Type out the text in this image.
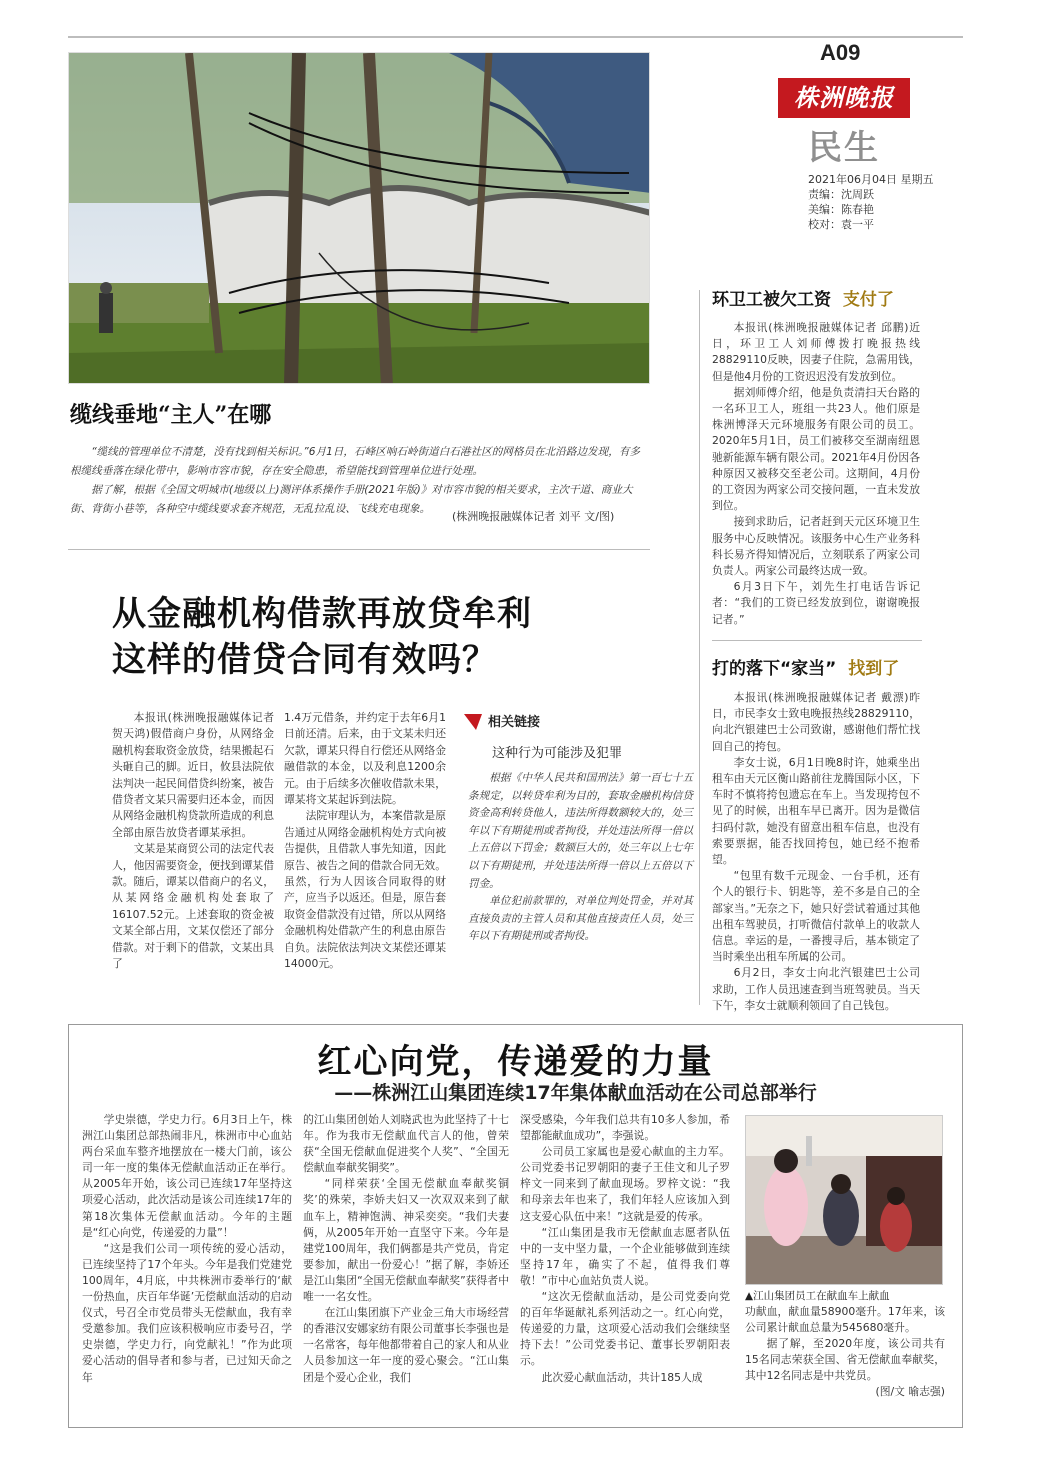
A09
株洲晚报
民生
2021年06月04日 星期五
责编：沈周跃
美编：陈春艳
校对：袁一平
缆线垂地“主人”在哪

“缆线的管理单位不清楚，没有找到相关标识。”6月1日，石峰区响石岭街道白石港社区的网格员在北沿路边发现，有多根缆线垂落在绿化带中，影响市容市貌，存在安全隐患，希望能找到管理单位进行处理。

据了解，根据《全国文明城市(地级以上)测评体系操作手册(2021年版)》对市容市貌的相关要求，主次干道、商业大街、背街小巷等，各种空中缆线要求套齐规范，无乱拉乱设、飞线充电现象。

(株洲晚报融媒体记者 刘平 文/图)
环卫工被欠工资 支付了

本报讯(株洲晚报融媒体记者 邱鹏)近日，环卫工人刘师傅拨打晚报热线28829110反映，因妻子住院，急需用钱，但是他4月份的工资迟迟没有发放到位。

据刘师傅介绍，他是负责清扫天台路的一名环卫工人，班组一共23人。他们原是株洲博泽天元环境服务有限公司的员工。2020年5月1日，员工们被移交至湖南纽恩驰新能源车辆有限公司。2021年4月份因各种原因又被移交至老公司。这期间，4月份的工资因为两家公司交接问题，一直未发放到位。

接到求助后，记者赶到天元区环境卫生服务中心反映情况。该服务中心生产业务科科长易齐得知情况后，立刻联系了两家公司负责人。两家公司最终达成一致。

6月3日下午，刘先生打电话告诉记者：“我们的工资已经发放到位，谢谢晚报记者。”

打的落下“家当” 找到了

本报讯(株洲晚报融媒体记者 戴漂)昨日，市民李女士致电晚报热线28829110，向北汽银建巴士公司致谢，感谢他们帮忙找回自己的挎包。

李女士说，6月1日晚8时许，她乘坐出租车由天元区衡山路前往龙腾国际小区，下车时不慎将挎包遗忘在车上。当发现挎包不见了的时候，出租车早已离开。因为是微信扫码付款，她没有留意出租车信息，也没有索要票据，能否找回挎包，她已经不抱希望。

“包里有数千元现金、一台手机，还有个人的银行卡、钥匙等，差不多是自己的全部家当。”无奈之下，她只好尝试着通过其他出租车驾驶员，打听微信付款单上的收款人信息。幸运的是，一番搜寻后，基本锁定了当时乘坐出租车所属的公司。

6月2日，李女士向北汽银建巴士公司求助，工作人员迅速查到当班驾驶员。当天下午，李女士就顺利领回了自己钱包。

从金融机构借款再放贷牟利
这样的借贷合同有效吗？

本报讯(株洲晚报融媒体记者 贺天鸿)假借商户身份，从网络金融机构套取资金放贷，结果搬起石头砸自己的脚。近日，攸县法院依法判决一起民间借贷纠纷案，被告借贷者文某只需要归还本金，而因从网络金融机构贷款所造成的利息全部由原告放贷者谭某承担。

文某是某商贸公司的法定代表人，他因需要资金，便找到谭某借款。随后，谭某以借商户的名义，从某网络金融机构处套取了16107.52元。上述套取的资金被文某全部占用，文某仅偿还了部分借款。对于剩下的借款，文某出具了

1.4万元借条，并约定于去年6月1日前还清。后来，由于文某未归还欠款，谭某只得自行偿还从网络金融借款的本金，以及利息1200余元。由于后续多次催收借款未果，谭某将文某起诉到法院。

法院审理认为，本案借款是原告通过从网络金融机构处方式向被告提供，且借款人事先知道，因此原告、被告之间的借款合同无效。虽然，行为人因该合同取得的财产，应当予以返还。但是，原告套取资金借款没有过错，所以从网络金融机构处借款产生的利息由原告自负。法院依法判决文某偿还谭某14000元。

相关链接
这种行为可能涉及犯罪

根据《中华人民共和国刑法》第一百七十五条规定，以转贷牟利为目的，套取金融机构信贷资金高利转贷他人，违法所得数额较大的，处三年以下有期徒刑或者拘役，并处违法所得一倍以上五倍以下罚金；数额巨大的，处三年以上七年以下有期徒刑，并处违法所得一倍以上五倍以下罚金。

单位犯前款罪的，对单位判处罚金，并对其直接负责的主管人员和其他直接责任人员，处三年以下有期徒刑或者拘役。

红心向党，传递爱的力量
——株洲江山集团连续17年集体献血活动在公司总部举行

学史崇德，学史力行。6月3日上午，株洲江山集团总部热闹非凡，株洲市中心血站两台采血车整齐地摆放在一楼大门前，该公司一年一度的集体无偿献血活动正在举行。从2005年开始，该公司已连续17年坚持这项爱心活动，此次活动是该公司连续17年的第18次集体无偿献血活动。今年的主题是“红心向党，传递爱的力量”！

“这是我们公司一项传统的爱心活动，已连续坚持了17个年头。今年是我们党建党100周年，4月底，中共株洲市委举行的‘献一份热血，庆百年华诞’无偿献血活动的启动仪式，号召全市党员带头无偿献血，我有幸受邀参加。我们应该积极响应市委号召，学史崇德，学史力行，向党献礼！”作为此项爱心活动的倡导者和参与者，已过知天命之年

的江山集团创始人刘晓武也为此坚持了十七年。作为我市无偿献血代言人的他，曾荣获“全国无偿献血促进奖个人奖”、“全国无偿献血奉献奖铜奖”。

“同样荣获‘全国无偿献血奉献奖铜奖’的殊荣，李娇夫妇又一次双双来到了献血车上，精神饱满、神采奕奕。“我们夫妻俩，从2005年开始一直坚守下来。今年是建党100周年，我们俩都是共产党员，肯定要参加，献出一份爱心！”据了解，李娇还是江山集团“全国无偿献血奉献奖”获得者中唯一一名女性。

在江山集团旗下产业金三角大市场经营的香港汉安娜家纺有限公司董事长李强也是一名常客，每年他都带着自己的家人和从业人员参加这一年一度的爱心聚会。“江山集团是个爱心企业，我们

深受感染，今年我们总共有10多人参加，希望都能献血成功”，李强说。

公司员工家属也是爱心献血的主力军。公司党委书记罗朝阳的妻子王佳文和儿子罗梓文一同来到了献血现场。罗梓文说：“我和母亲去年也来了，我们年轻人应该加入到这支爱心队伍中来！”这就是爱的传承。

“江山集团是我市无偿献血志愿者队伍中的一支中坚力量，一个企业能够做到连续坚持17年，确实了不起，值得我们尊敬！”市中心血站负责人说。

“这次无偿献血活动，是公司党委向党的百年华诞献礼系列活动之一。红心向党，传递爱的力量，这项爱心活动我们会继续坚持下去！”公司党委书记、董事长罗朝阳表示。

此次爱心献血活动，共计185人成

▲江山集团员工在献血车上献血

功献血，献血量58900毫升。17年来，该公司累计献血总量为545680毫升。

据了解，至2020年度，该公司共有15名同志荣获全国、省无偿献血奉献奖，其中12名同志是中共党员。

(图/文 喻志强)
